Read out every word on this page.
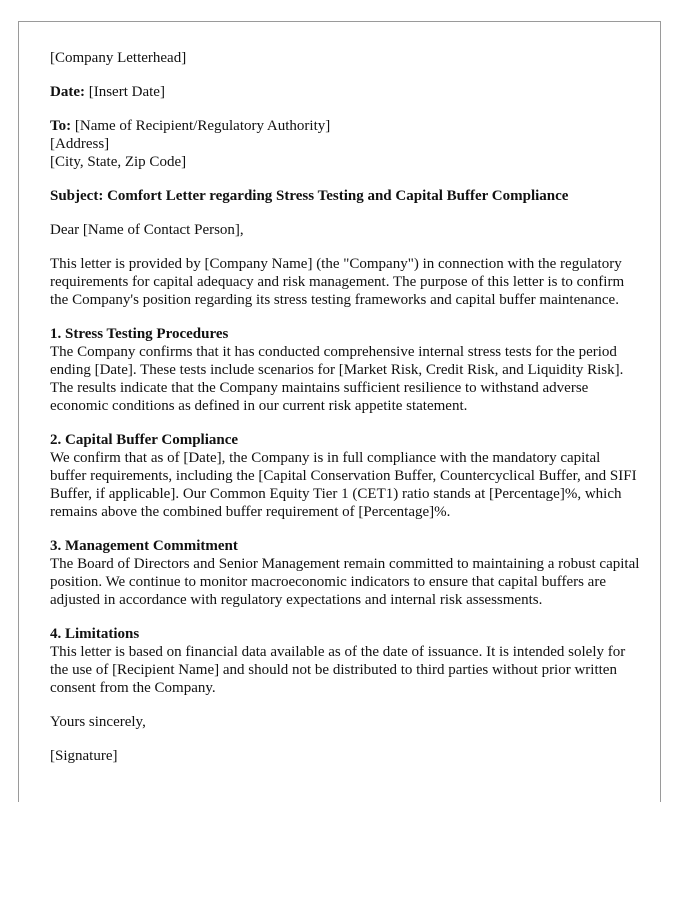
[Company Letterhead]

Date: [Insert Date]

To: [Name of Recipient/Regulatory Authority]
[Address]
[City, State, Zip Code]

Subject: Comfort Letter regarding Stress Testing and Capital Buffer Compliance

Dear [Name of Contact Person],

This letter is provided by [Company Name] (the "Company") in connection with the regulatory requirements for capital adequacy and risk management. The purpose of this letter is to confirm the Company's position regarding its stress testing frameworks and capital buffer maintenance.

1. Stress Testing Procedures
The Company confirms that it has conducted comprehensive internal stress tests for the period ending [Date]. These tests include scenarios for [Market Risk, Credit Risk, and Liquidity Risk]. The results indicate that the Company maintains sufficient resilience to withstand adverse economic conditions as defined in our current risk appetite statement.
2. Capital Buffer Compliance
We confirm that as of [Date], the Company is in full compliance with the mandatory capital buffer requirements, including the [Capital Conservation Buffer, Countercyclical Buffer, and SIFI Buffer, if applicable]. Our Common Equity Tier 1 (CET1) ratio stands at [Percentage]%, which remains above the combined buffer requirement of [Percentage]%.
3. Management Commitment
The Board of Directors and Senior Management remain committed to maintaining a robust capital position. We continue to monitor macroeconomic indicators to ensure that capital buffers are adjusted in accordance with regulatory expectations and internal risk assessments.
4. Limitations
This letter is based on financial data available as of the date of issuance. It is intended solely for the use of [Recipient Name] and should not be distributed to third parties without prior written consent from the Company.

Yours sincerely,

[Signature]
